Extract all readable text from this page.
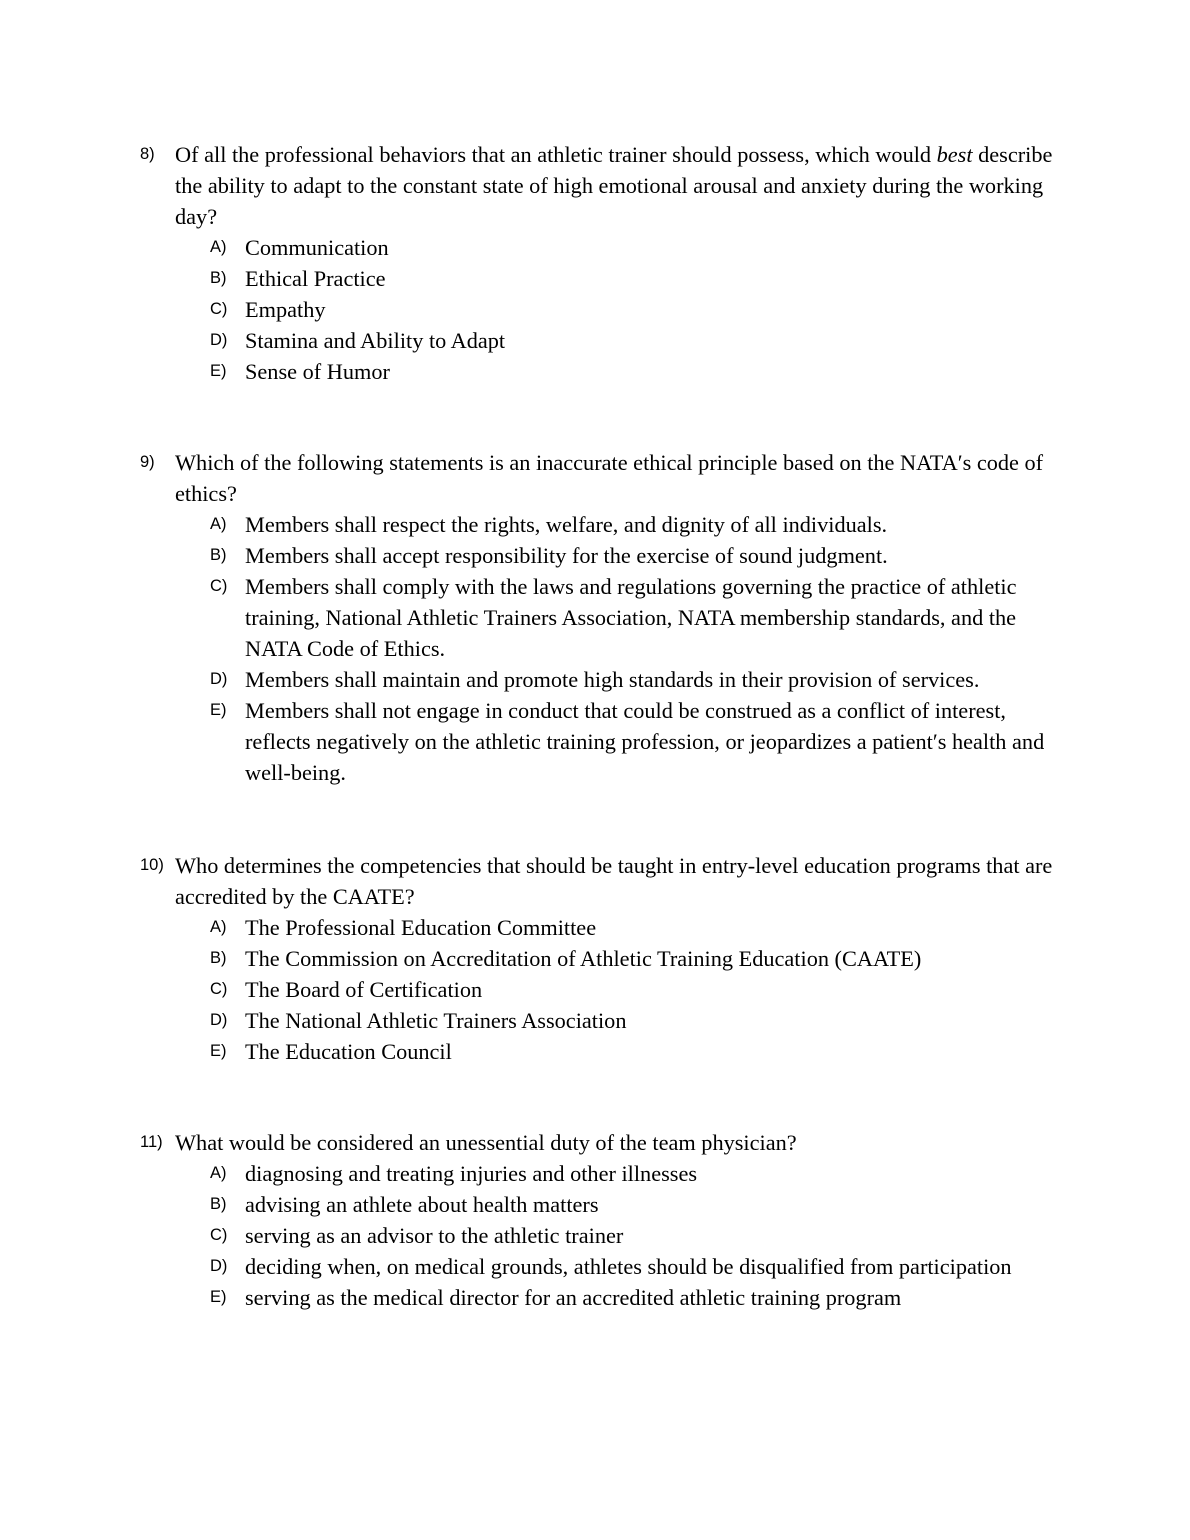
8) Of all the professional behaviors that an athletic trainer should possess, which would best describe the ability to adapt to the constant state of high emotional arousal and anxiety during the working day?
A) Communication
B) Ethical Practice
C) Empathy
D) Stamina and Ability to Adapt
E) Sense of Humor
9) Which of the following statements is an inaccurate ethical principle based on the NATA′s code of ethics?
A) Members shall respect the rights, welfare, and dignity of all individuals.
B) Members shall accept responsibility for the exercise of sound judgment.
C) Members shall comply with the laws and regulations governing the practice of athletic training, National Athletic Trainers Association, NATA membership standards, and the NATA Code of Ethics.
D) Members shall maintain and promote high standards in their provision of services.
E) Members shall not engage in conduct that could be construed as a conflict of interest, reflects negatively on the athletic training profession, or jeopardizes a patient′s health and well-being.
10) Who determines the competencies that should be taught in entry-level education programs that are accredited by the CAATE?
A) The Professional Education Committee
B) The Commission on Accreditation of Athletic Training Education (CAATE)
C) The Board of Certification
D) The National Athletic Trainers Association
E) The Education Council
11) What would be considered an unessential duty of the team physician?
A) diagnosing and treating injuries and other illnesses
B) advising an athlete about health matters
C) serving as an advisor to the athletic trainer
D) deciding when, on medical grounds, athletes should be disqualified from participation
E) serving as the medical director for an accredited athletic training program
